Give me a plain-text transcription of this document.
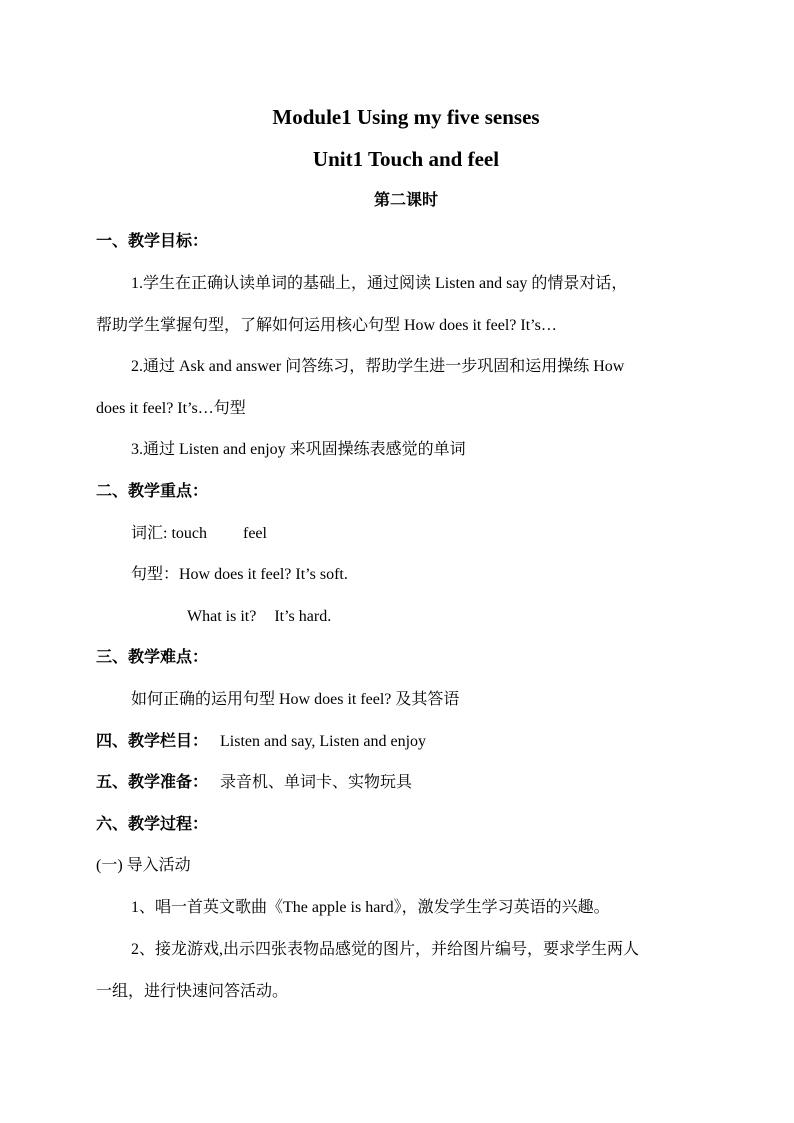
Module1 Using my five senses
Unit1 Touch and feel
第二课时
一、教学目标：
1.学生在正确认读单词的基础上，通过阅读 Listen and say 的情景对话，
帮助学生掌握句型，了解如何运用核心句型 How does it feel? It’s…
2.通过 Ask and answer 问答练习，帮助学生进一步巩固和运用操练 How
does it feel? It’s…句型
3.通过 Listen and enjoy 来巩固操练表感觉的单词
二、教学重点：
词汇: touch feel
句型：How does it feel? It’s soft.
What is it? It’s hard.
三、教学难点：
如何正确的运用句型 How does it feel? 及其答语
四、教学栏目： Listen and say, Listen and enjoy
五、教学准备： 录音机、单词卡、实物玩具
六、教学过程：
(一) 导入活动
1、唱一首英文歌曲《The apple is hard》，激发学生学习英语的兴趣。
2、接龙游戏,出示四张表物品感觉的图片，并给图片编号，要求学生两人
一组，进行快速问答活动。
